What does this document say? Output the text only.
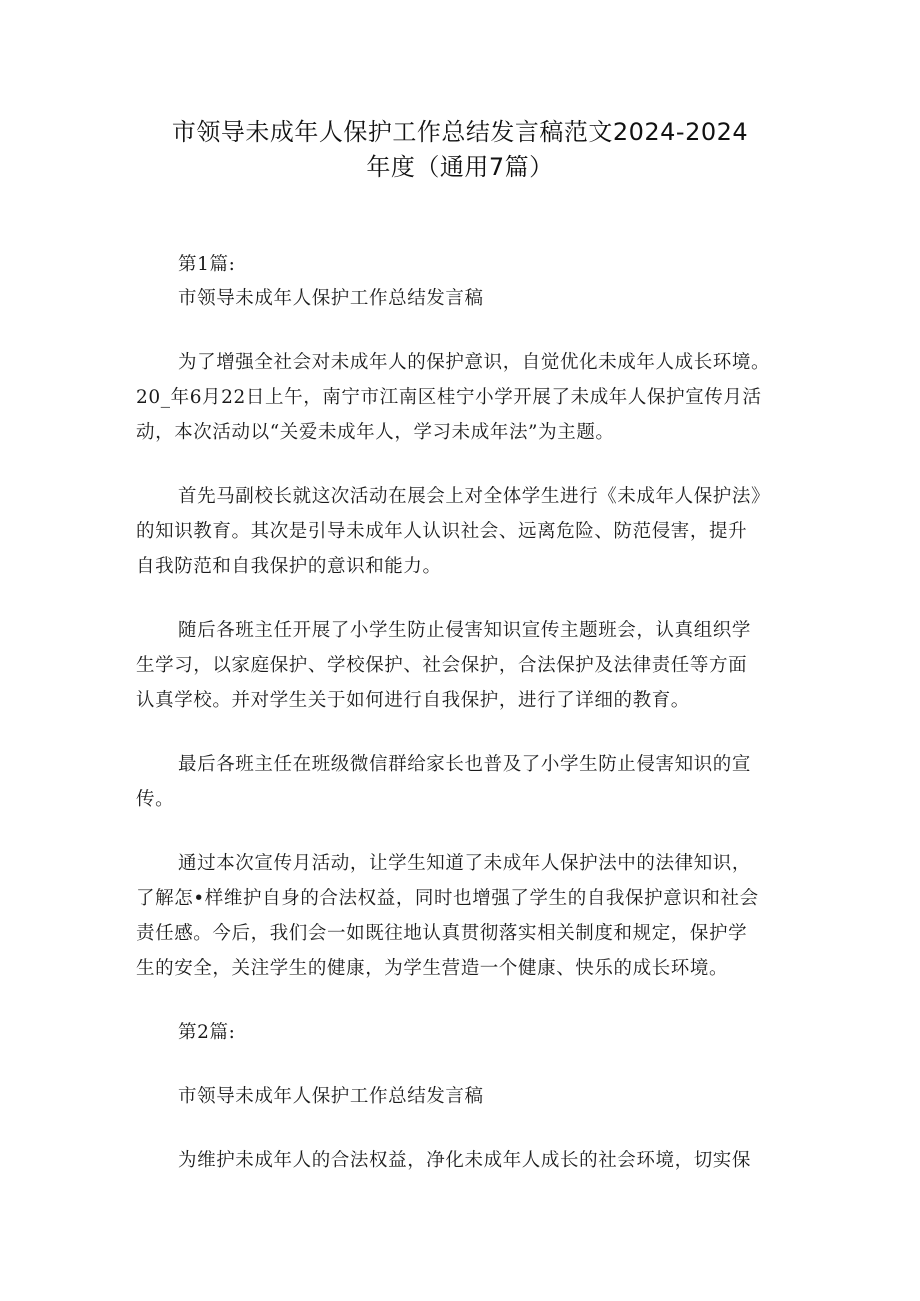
市领导未成年人保护工作总结发言稿范文2024-2024
年度（通用7篇）
第1篇:
市领导未成年人保护工作总结发言稿
为了增强全社会对未成年人的保护意识，自觉优化未成年人成长环境。
20_年6月22日上午，南宁市江南区桂宁小学开展了未成年人保护宣传月活
动，本次活动以“关爱未成年人，学习未成年法”为主题。
首先马副校长就这次活动在展会上对全体学生进行《未成年人保护法》
的知识教育。其次是引导未成年人认识社会、远离危险、防范侵害，提升
自我防范和自我保护的意识和能力。
随后各班主任开展了小学生防止侵害知识宣传主题班会，认真组织学
生学习，以家庭保护、学校保护、社会保护，合法保护及法律责任等方面
认真学校。并对学生关于如何进行自我保护，进行了详细的教育。
最后各班主任在班级微信群给家长也普及了小学生防止侵害知识的宣
传。
通过本次宣传月活动，让学生知道了未成年人保护法中的法律知识，
了解怎•样维护自身的合法权益，同时也增强了学生的自我保护意识和社会
责任感。今后，我们会一如既往地认真贯彻落实相关制度和规定，保护学
生的安全，关注学生的健康，为学生营造一个健康、快乐的成长环境。
第2篇:
市领导未成年人保护工作总结发言稿
为维护未成年人的合法权益，净化未成年人成长的社会环境，切实保
